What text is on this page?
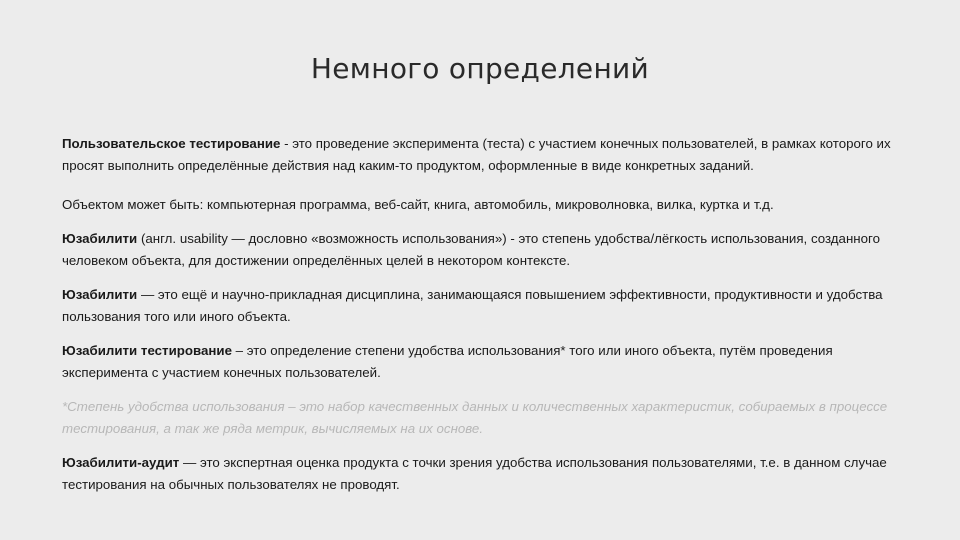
Немного определений

Пользовательское тестирование - это проведение эксперимента (теста) с участием конечных пользователей, в рамках которого их просят выполнить определённые действия над каким-то продуктом, оформленные в виде конкретных заданий.

Объектом может быть: компьютерная программа, веб-сайт, книга, автомобиль, микроволновка, вилка, куртка и т.д.

Юзабилити (англ. usability — дословно «возможность использования») - это степень удобства/лёгкость использования, созданного человеком объекта, для достижении определённых целей в некотором контексте.

Юзабилити — это ещё и научно-прикладная дисциплина, занимающаяся повышением эффективности, продуктивности и удобства пользования того или иного объекта.

Юзабилити тестирование – это определение степени удобства использования* того или иного объекта, путём проведения эксперимента с участием конечных пользователей.

*Степень удобства использования – это набор качественных данных и количественных характеристик, собираемых в процессе тестирования, а так же ряда метрик, вычисляемых на их основе.

Юзабилити-аудит — это экспертная оценка продукта с точки зрения удобства использования пользователями, т.е. в данном случае тестирования на обычных пользователях не проводят.
